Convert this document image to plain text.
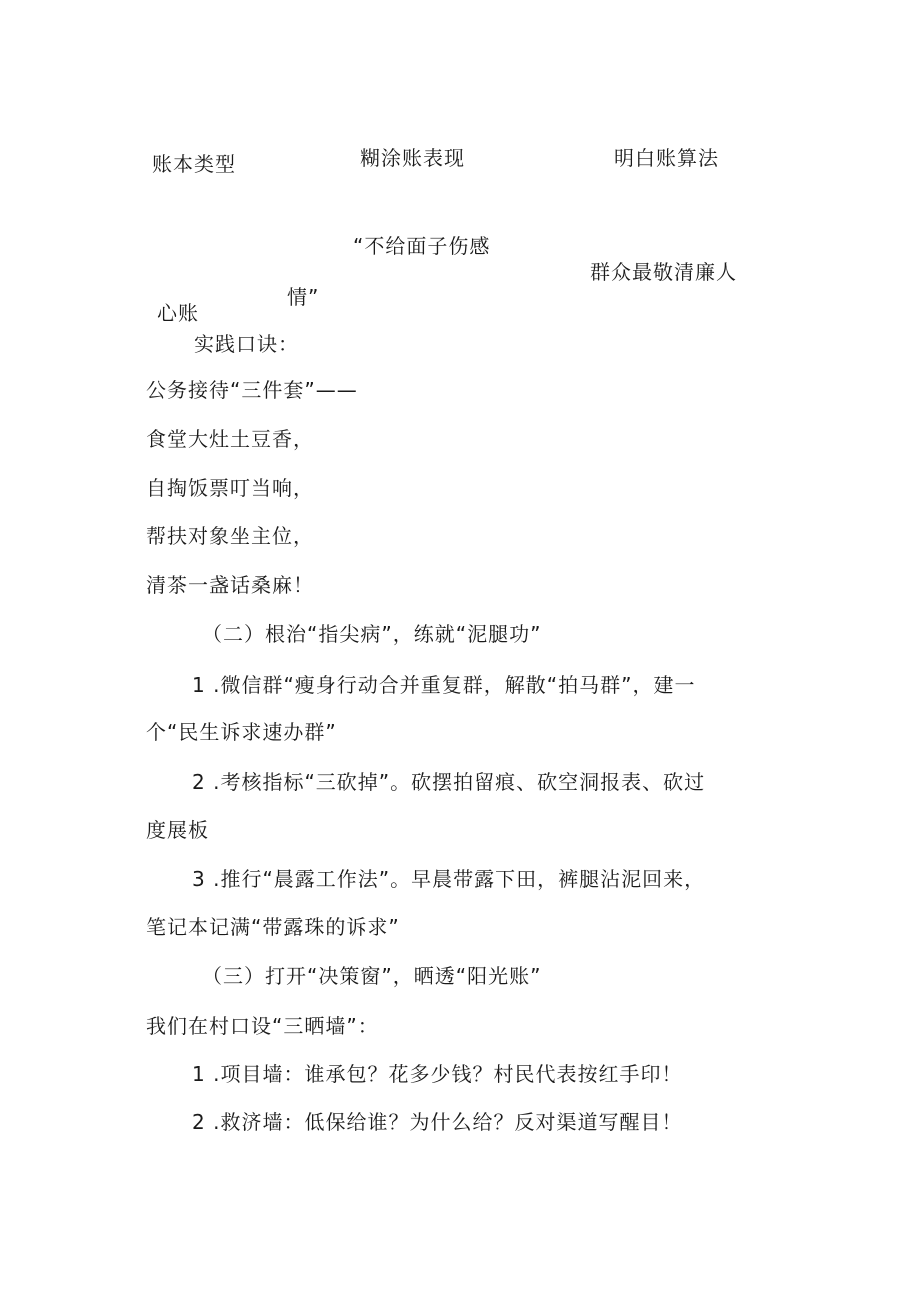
账本类型	糊涂账表现	明白账算法
心账
“不给面子伤感
情”
群众最敬清廉人
实践口诀：
公务接待“三件套”——
食堂大灶土豆香，
自掏饭票叮当响，
帮扶对象坐主位，
清茶一盏话桑麻！
（二）根治“指尖病”，练就“泥腿功”
1 .微信群“瘦身行动合并重复群，解散“拍马群”，建一
个“民生诉求速办群”
2 .考核指标“三砍掉”。砍摆拍留痕、砍空洞报表、砍过
度展板
3 .推行“晨露工作法”。早晨带露下田，裤腿沾泥回来，
笔记本记满“带露珠的诉求”
（三）打开“决策窗”，晒透“阳光账”
我们在村口设“三晒墙”：
1 .项目墙：谁承包？花多少钱？村民代表按红手印！
2 .救济墙：低保给谁？为什么给？反对渠道写醒目！
